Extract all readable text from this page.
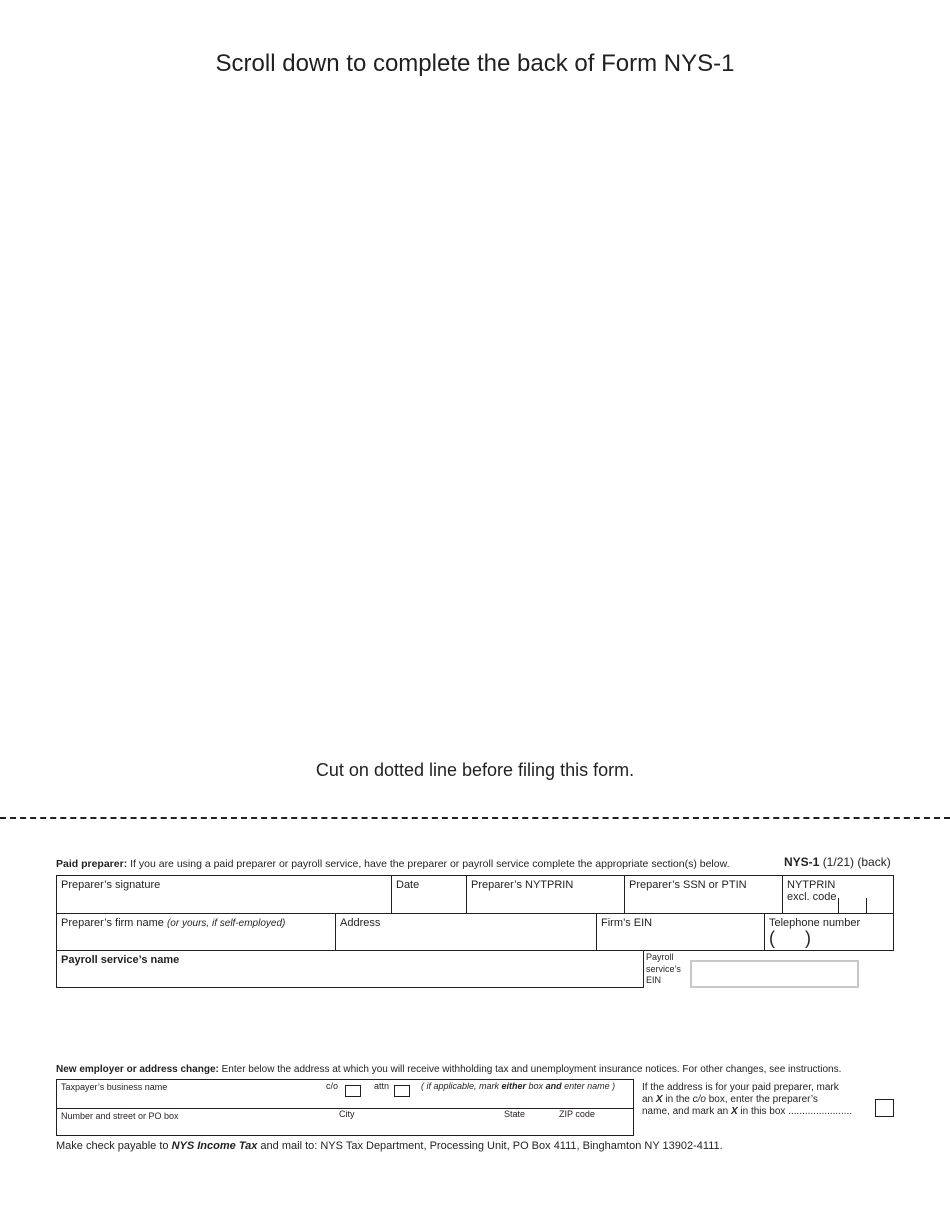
Scroll down to complete the back of Form NYS-1
Cut on dotted line before filing this form.
Paid preparer: If you are using a paid preparer or payroll service, have the preparer or payroll service complete the appropriate section(s) below.	NYS-1 (1/21) (back)
Preparer’s signature	Date	Preparer’s NYTPRIN	Preparer’s SSN or PTIN	NYTPRIN
excl. code
Preparer’s firm name (or yours, if self-employed)	Address	Firm’s EIN	Telephone number
(      )
Payroll service’s name	Payroll
service’s
EIN
New employer or address change: Enter below the address at which you will receive withholding tax and unemployment insurance notices. For other changes, see instructions.
Taxpayer’s business name	c/o	attn	( if applicable, mark either box and enter name )
Number and street or PO box	City	State	ZIP code
If the address is for your paid preparer, mark
an X in the c/o box, enter the preparer’s
name, and mark an X in this box .......................
Make check payable to NYS Income Tax and mail to: NYS Tax Department, Processing Unit, PO Box 4111, Binghamton NY 13902-4111.
